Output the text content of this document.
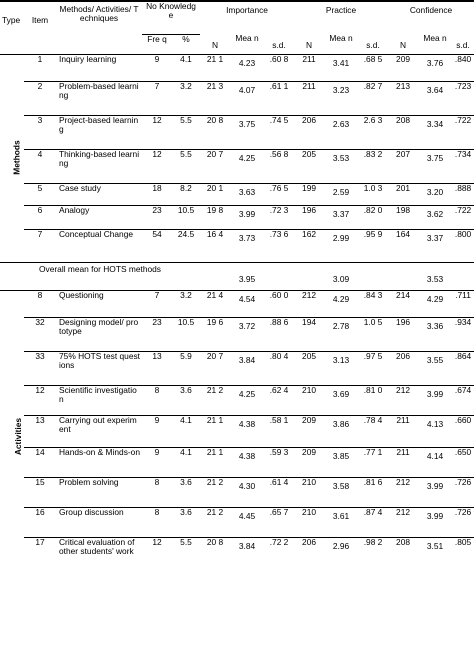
Type	Item	Methods/ Activities/ Techniques	No Knowledge		Importance			Practice			Confidence		
			Fre q	%	N	Mea n	s.d.	N	Mea n	s.d.	N	Mea n	s.d.

Methods	1	Inquiry learning	9	4.1	21 1	4.23	.60 8	211	3.41	.68 5	209	3.76	.840
	2	Problem-based learning	7	3.2	21 3	4.07	.61 1	211	3.23	.82 7	213	3.64	.723
	3	Project-based learning	12	5.5	20 8	3.75	.74 5	206	2.63	2.6 3	208	3.34	.722
	4	Thinking-based learning	12	5.5	20 7	4.25	.56 8	205	3.53	.83 2	207	3.75	.734
	5	Case study	18	8.2	20 1	3.63	.76 5	199	2.59	1.0 3	201	3.20	.888
	6	Analogy	23	10.5	19 8	3.99	.72 3	196	3.37	.82 0	198	3.62	.722
	7	Conceptual Change	54	24.5	16 4	3.73	.73 6	162	2.99	.95 9	164	3.37	.800
Overall mean for HOTS methods						3.95			3.09			3.53	

Activities	8	Questioning	7	3.2	21 4	4.54	.60 0	212	4.29	.84 3	214	4.29	.711
	32	Designing model/ prototype	23	10.5	19 6	3.72	.88 6	194	2.78	1.0 5	196	3.36	.934
	33	75% HOTS test questions	13	5.9	20 7	3.84	.80 4	205	3.13	.97 5	206	3.55	.864
	12	Scientific investigation	8	3.6	21 2	4.25	.62 4	210	3.69	.81 0	212	3.99	.674
	13	Carrying out experiment	9	4.1	21 1	4.38	.58 1	209	3.86	.78 4	211	4.13	.660
	14	Hands-on & Minds-on	9	4.1	21 1	4.38	.59 3	209	3.85	.77 1	211	4.14	.650
	15	Problem solving	8	3.6	21 2	4.30	.61 4	210	3.58	.81 6	212	3.99	.726
	16	Group discussion	8	3.6	21 2	4.45	.65 7	210	3.61	.87 4	212	3.99	.726
	17	Critical evaluation of other students' work	12	5.5	20 8	3.84	.72 2	206	2.96	.98 2	208	3.51	.805
